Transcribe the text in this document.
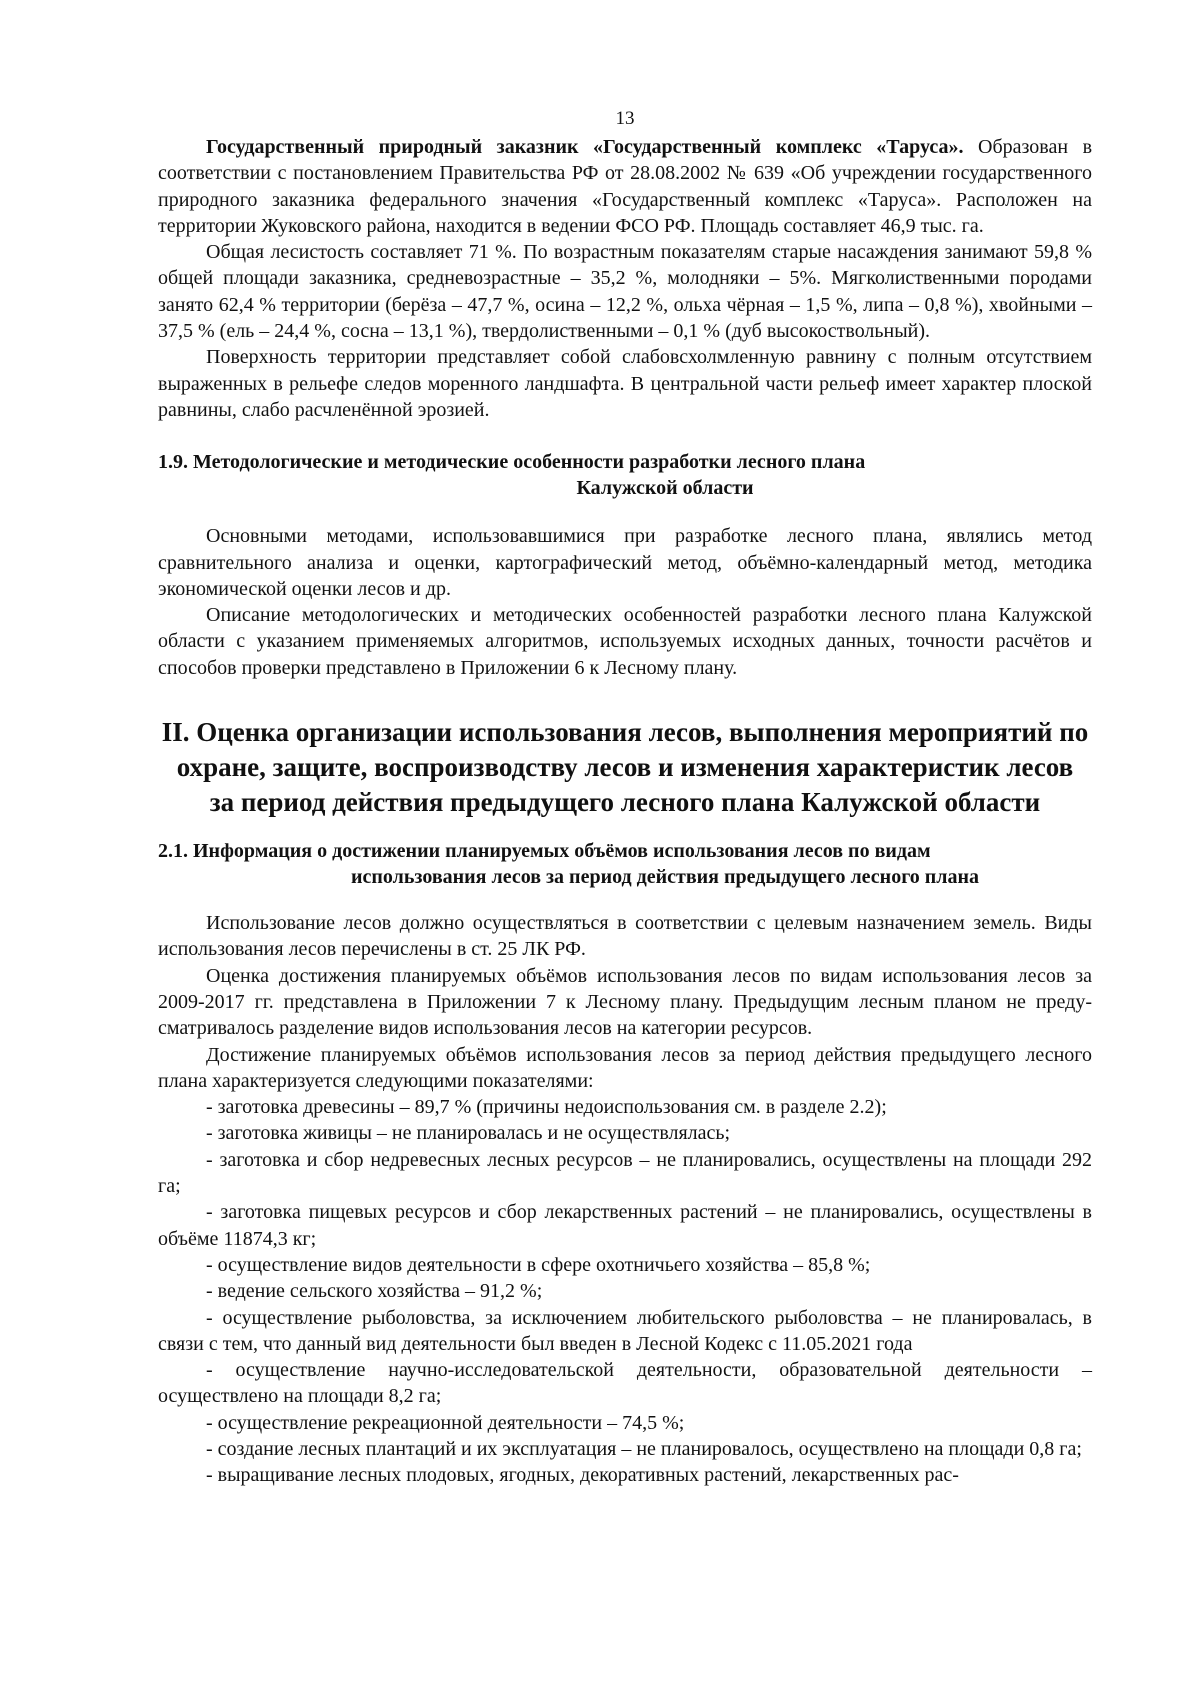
13

Государственный природный заказник «Государственный комплекс «Таруса». Образован в соответствии с постановлением Правительства РФ от 28.08.2002 № 639 «Об учреждении государственного природного заказника федерального значения «Государственный комплекс «Таруса». Расположен на территории Жуковского района, находится в ведении ФСО РФ. Площадь составляет 46,9 тыс. га.

Общая лесистость составляет 71 %. По возрастным показателям старые насаждения занимают 59,8 % общей площади заказника, средневозрастные – 35,2 %, молодняки – 5%. Мягколиственными породами занято 62,4 % территории (берёза – 47,7 %, осина – 12,2 %, ольха чёрная – 1,5 %, липа – 0,8 %), хвойными – 37,5 % (ель – 24,4 %, сосна – 13,1 %), твердолиственными – 0,1 % (дуб высокоствольный).

Поверхность территории представляет собой слабовсхолмленную равнину с полным отсутствием выраженных в рельефе следов моренного ландшафта. В центральной части рельеф имеет характер плоской равнины, слабо расчленённой эрозией.

1.9. Методологические и методические особенности разработки лесного плана
Калужской области

Основными методами, использовавшимися при разработке лесного плана, являлись метод сравнительного анализа и оценки, картографический метод, объёмно-календарный метод, методика экономической оценки лесов и др.

Описание методологических и методических особенностей разработки лесного плана Калужской области с указанием применяемых алгоритмов, используемых исходных данных, точности расчётов и способов проверки представлено в Приложении 6 к Лесному плану.

II. Оценка организации использования лесов, выполнения мероприятий по
охране, защите, воспроизводству лесов и изменения характеристик лесов
за период действия предыдущего лесного плана Калужской области
2.1. Информация о достижении планируемых объёмов использования лесов по видам
использования лесов за период действия предыдущего лесного плана

Использование лесов должно осуществляться в соответствии с целевым назначением земель. Виды использования лесов перечислены в ст. 25 ЛК РФ.

Оценка достижения планируемых объёмов использования лесов по видам использования лесов за 2009-2017 гг. представлена в Приложении 7 к Лесному плану. Предыдущим лесным планом не преду- сматривалось разделение видов использования лесов на категории ресурсов.

Достижение планируемых объёмов использования лесов за период действия предыдущего лесного плана характеризуется следующими показателями:

- заготовка древесины – 89,7 % (причины недоиспользования см. в разделе 2.2);

- заготовка живицы – не планировалась и не осуществлялась;

- заготовка и сбор недревесных лесных ресурсов – не планировались, осуществлены на площади 292 га;

- заготовка пищевых ресурсов и сбор лекарственных растений – не планировались, осуществлены в объёме 11874,3 кг;

- осуществление видов деятельности в сфере охотничьего хозяйства – 85,8 %;

- ведение сельского хозяйства – 91,2 %;

- осуществление рыболовства, за исключением любительского рыболовства – не планировалась, в связи с тем, что данный вид деятельности был введен в Лесной Кодекс с 11.05.2021 года

- осуществление научно-исследовательской деятельности, образовательной деятельности – осуществлено на площади 8,2 га;

- осуществление рекреационной деятельности – 74,5 %;

- создание лесных плантаций и их эксплуатация – не планировалось, осуществлено на площади 0,8 га;

- выращивание лесных плодовых, ягодных, декоративных растений, лекарственных рас-
